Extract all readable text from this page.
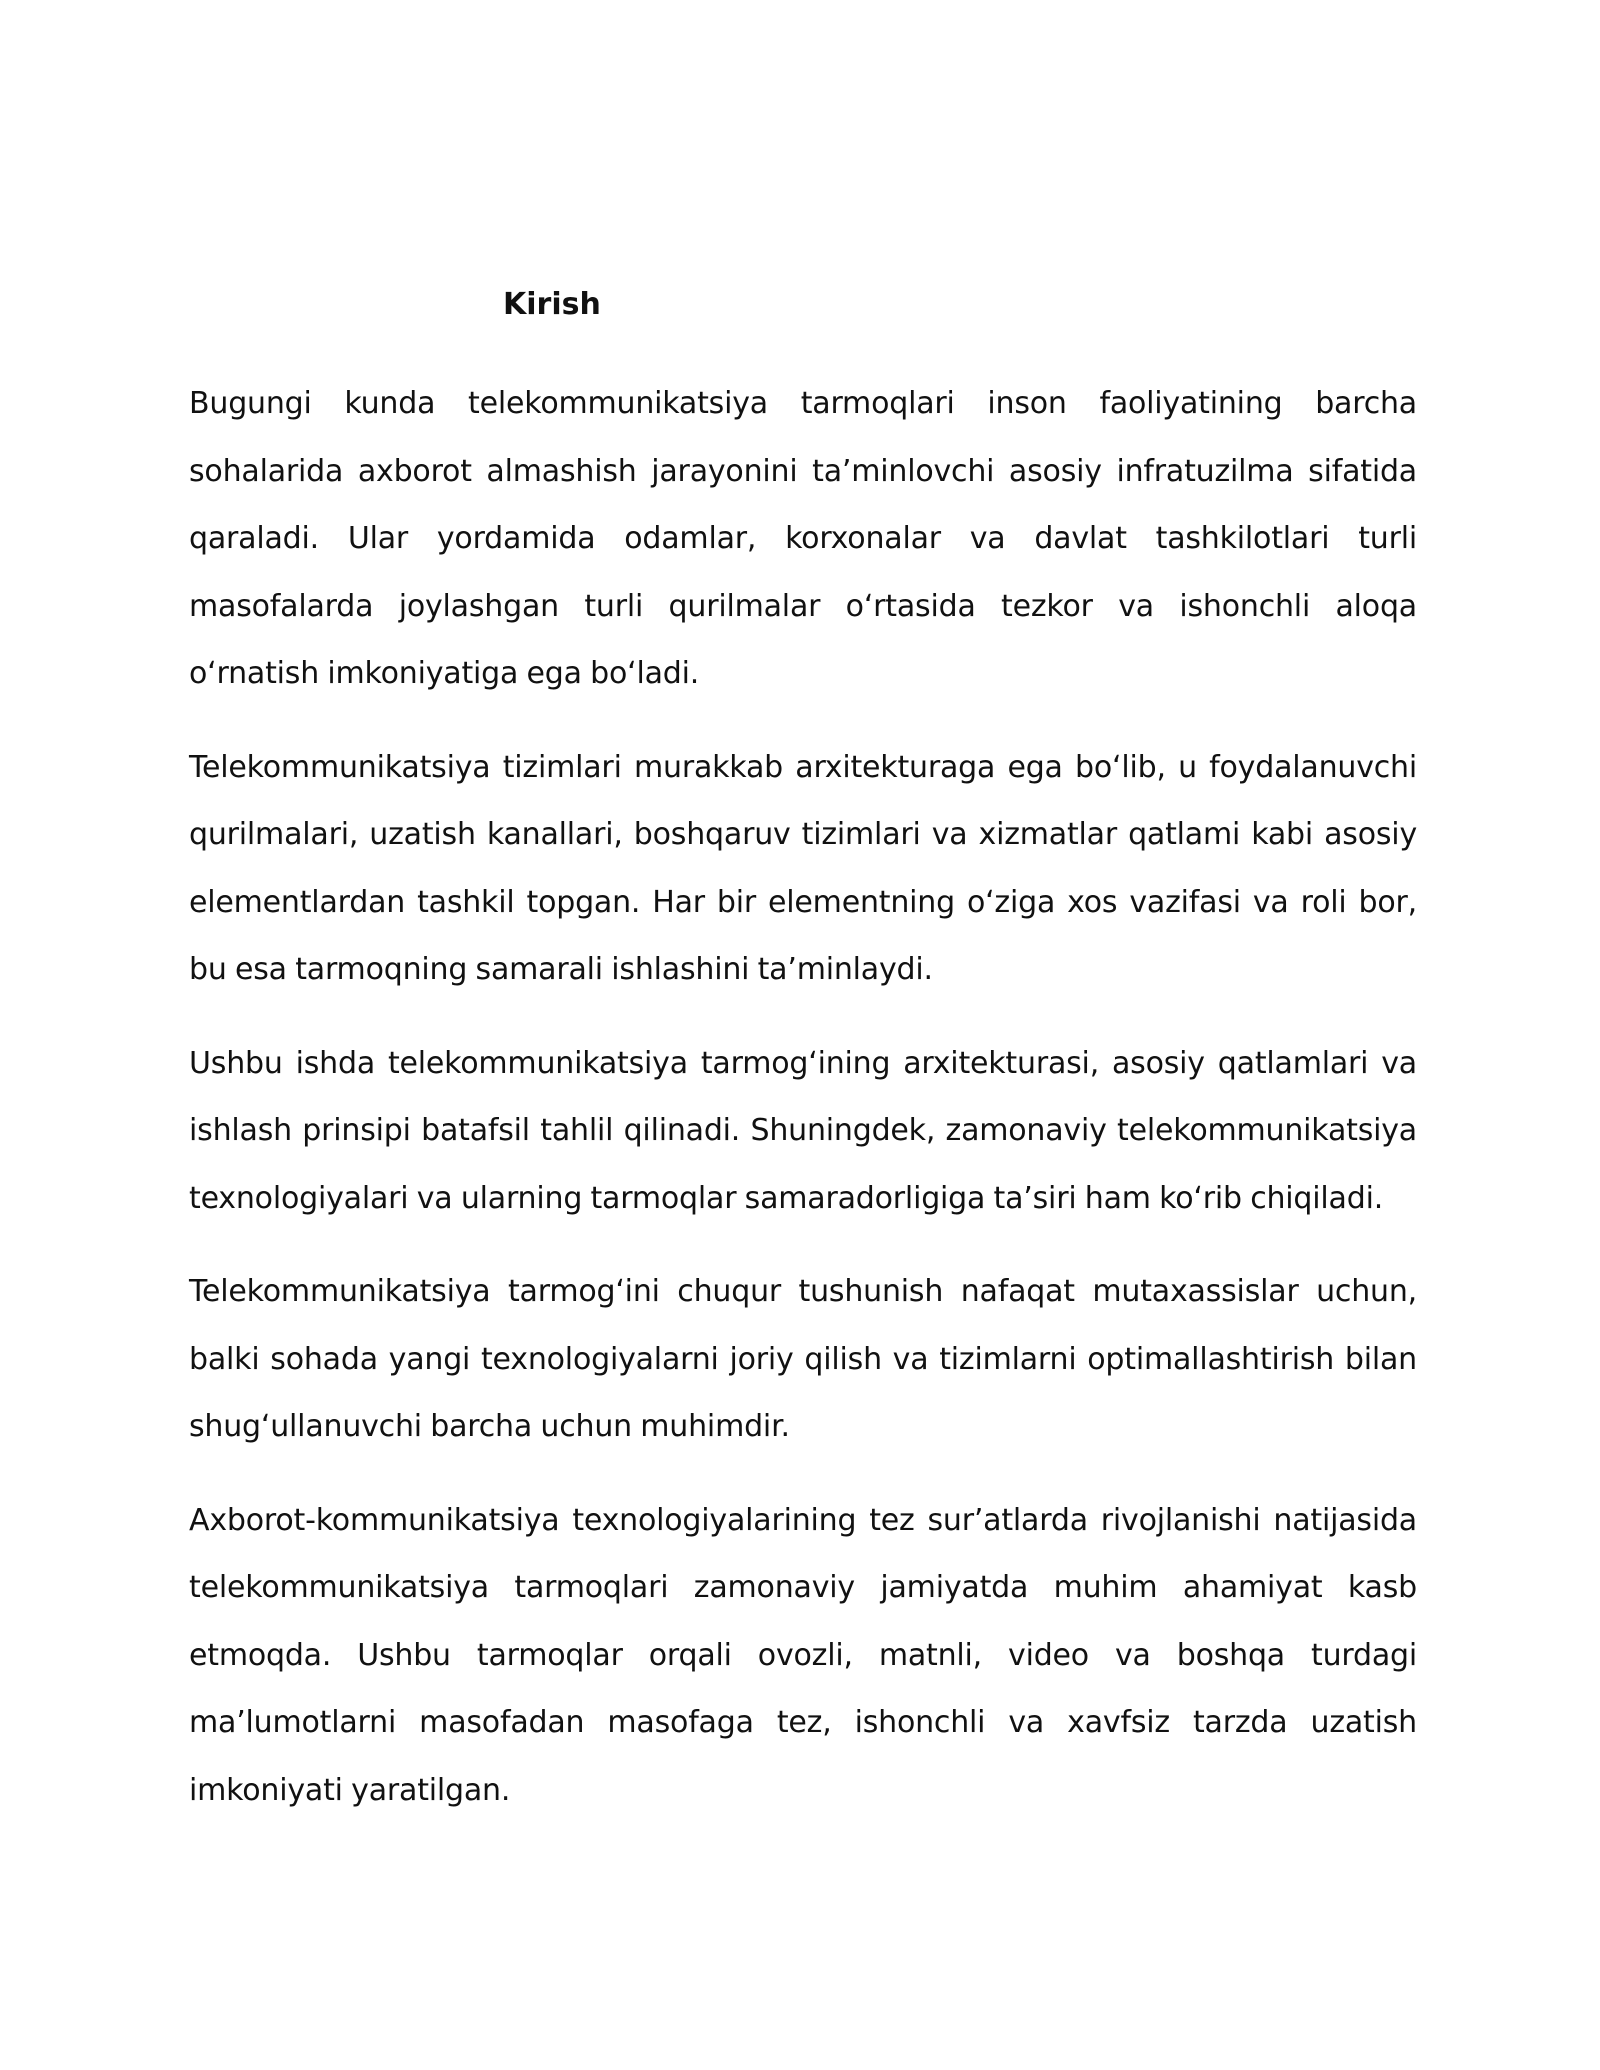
Kirish

Bugungi kunda telekommunikatsiya tarmoqlari inson faoliyatining barcha sohalarida axborot almashish jarayonini ta’minlovchi asosiy infratuzilma sifatida qaraladi. Ular yordamida odamlar, korxonalar va davlat tashkilotlari turli masofalarda joylashgan turli qurilmalar oʻrtasida tezkor va ishonchli aloqa oʻrnatish imkoniyatiga ega boʻladi.

Telekommunikatsiya tizimlari murakkab arxitekturaga ega boʻlib, u foydalanuvchi qurilmalari, uzatish kanallari, boshqaruv tizimlari va xizmatlar qatlami kabi asosiy elementlardan tashkil topgan. Har bir elementning oʻziga xos vazifasi va roli bor, bu esa tarmoqning samarali ishlashini ta’minlaydi.

Ushbu ishda telekommunikatsiya tarmogʻining arxitekturasi, asosiy qatlamlari va ishlash prinsipi batafsil tahlil qilinadi. Shuningdek, zamonaviy telekommunikatsiya texnologiyalari va ularning tarmoqlar samaradorligiga ta’siri ham koʻrib chiqiladi.

Telekommunikatsiya tarmogʻini chuqur tushunish nafaqat mutaxassislar uchun, balki sohada yangi texnologiyalarni joriy qilish va tizimlarni optimallashtirish bilan shugʻullanuvchi barcha uchun muhimdir.

Axborot-kommunikatsiya texnologiyalarining tez sur’atlarda rivojlanishi natijasida telekommunikatsiya tarmoqlari zamonaviy jamiyatda muhim ahamiyat kasb etmoqda. Ushbu tarmoqlar orqali ovozli, matnli, video va boshqa turdagi ma’lumotlarni masofadan masofaga tez, ishonchli va xavfsiz tarzda uzatish imkoniyati yaratilgan.
